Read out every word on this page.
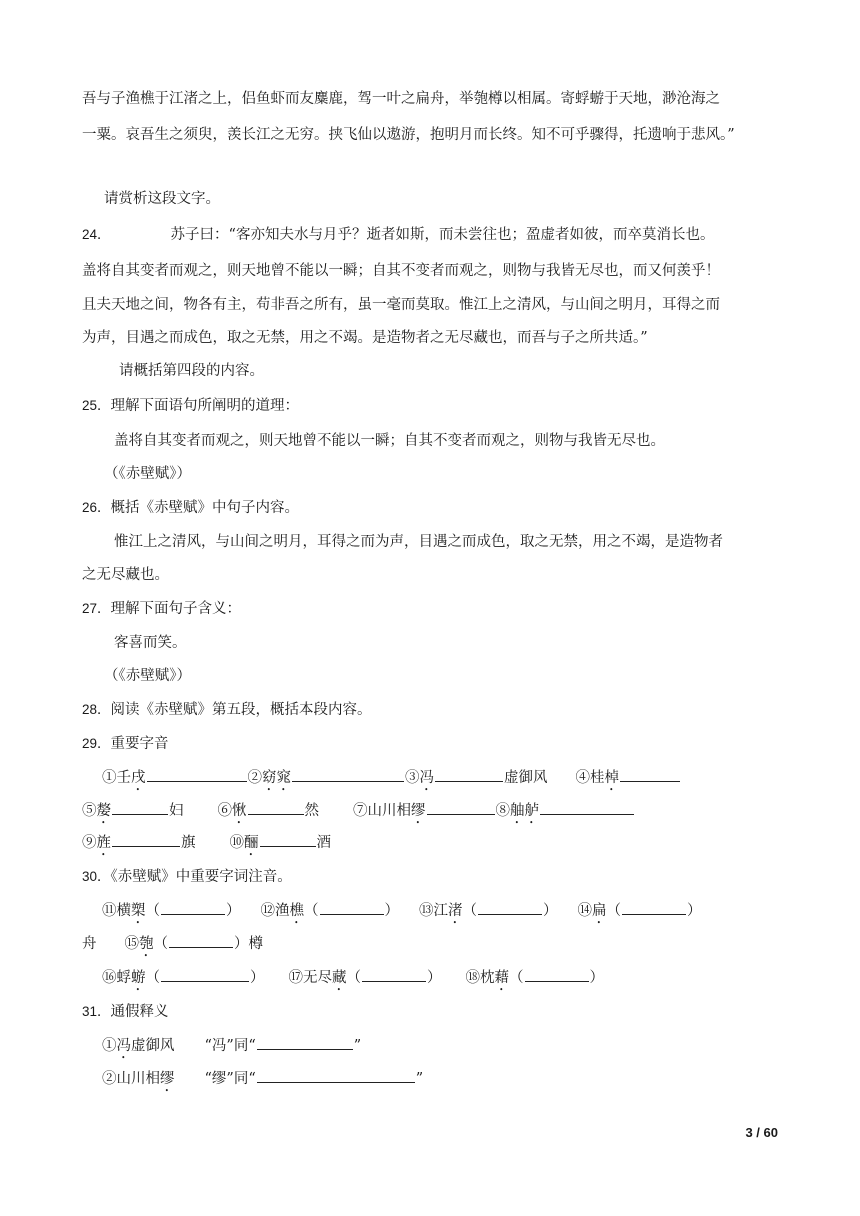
吾与子渔樵于江渚之上，侣鱼虾而友麋鹿，驾一叶之扁舟，举匏樽以相属。寄蜉蝣于天地，渺沧海之
一粟。哀吾生之须臾，羡长江之无穷。挟飞仙以遨游，抱明月而长终。知不可乎骤得，托遗响于悲风。”
请赏析这段文字。
24．	苏子曰：“客亦知夫水与月乎？逝者如斯，而未尝往也；盈虚者如彼，而卒莫消长也。
盖将自其变者而观之，则天地曾不能以一瞬；自其不变者而观之，则物与我皆无尽也，而又何羡乎！
且夫天地之间，物各有主，苟非吾之所有，虽一毫而莫取。惟江上之清风，与山间之明月，耳得之而
为声，目遇之而成色，取之无禁，用之不竭。是造物者之无尽藏也，而吾与子之所共适。”
请概括第四段的内容。
25．理解下面语句所阐明的道理：
盖将自其变者而观之，则天地曾不能以一瞬；自其不变者而观之，则物与我皆无尽也。
（《赤壁赋》）
26．概括《赤壁赋》中句子内容。
惟江上之清风，与山间之明月，耳得之而为声，目遇之而成色，取之无禁，用之不竭，是造物者
之无尽藏也。
27．理解下面句子含义：
客喜而笑。
（《赤壁赋》）
28．阅读《赤壁赋》第五段，概括本段内容。
29．重要字音
①壬戌	②窈窕	③冯	虚御风 ④桂棹
⑤嫠	妇 ⑥愀	然 ⑦山川相缪	⑧舳舻
⑨旌	旗 ⑩酾	酒
30．《赤壁赋》中重要字词注音。
⑪横槊（	） ⑫渔樵（	） ⑬江渚（	） ⑭扁（	）
舟 ⑮匏（	）樽
⑯蜉蝣（	） ⑰无尽藏（	） ⑱枕藉（	）
31．通假释义
①冯虚御风 “冯”同“	”
②山川相缪 “缪”同“	”
3 / 60
